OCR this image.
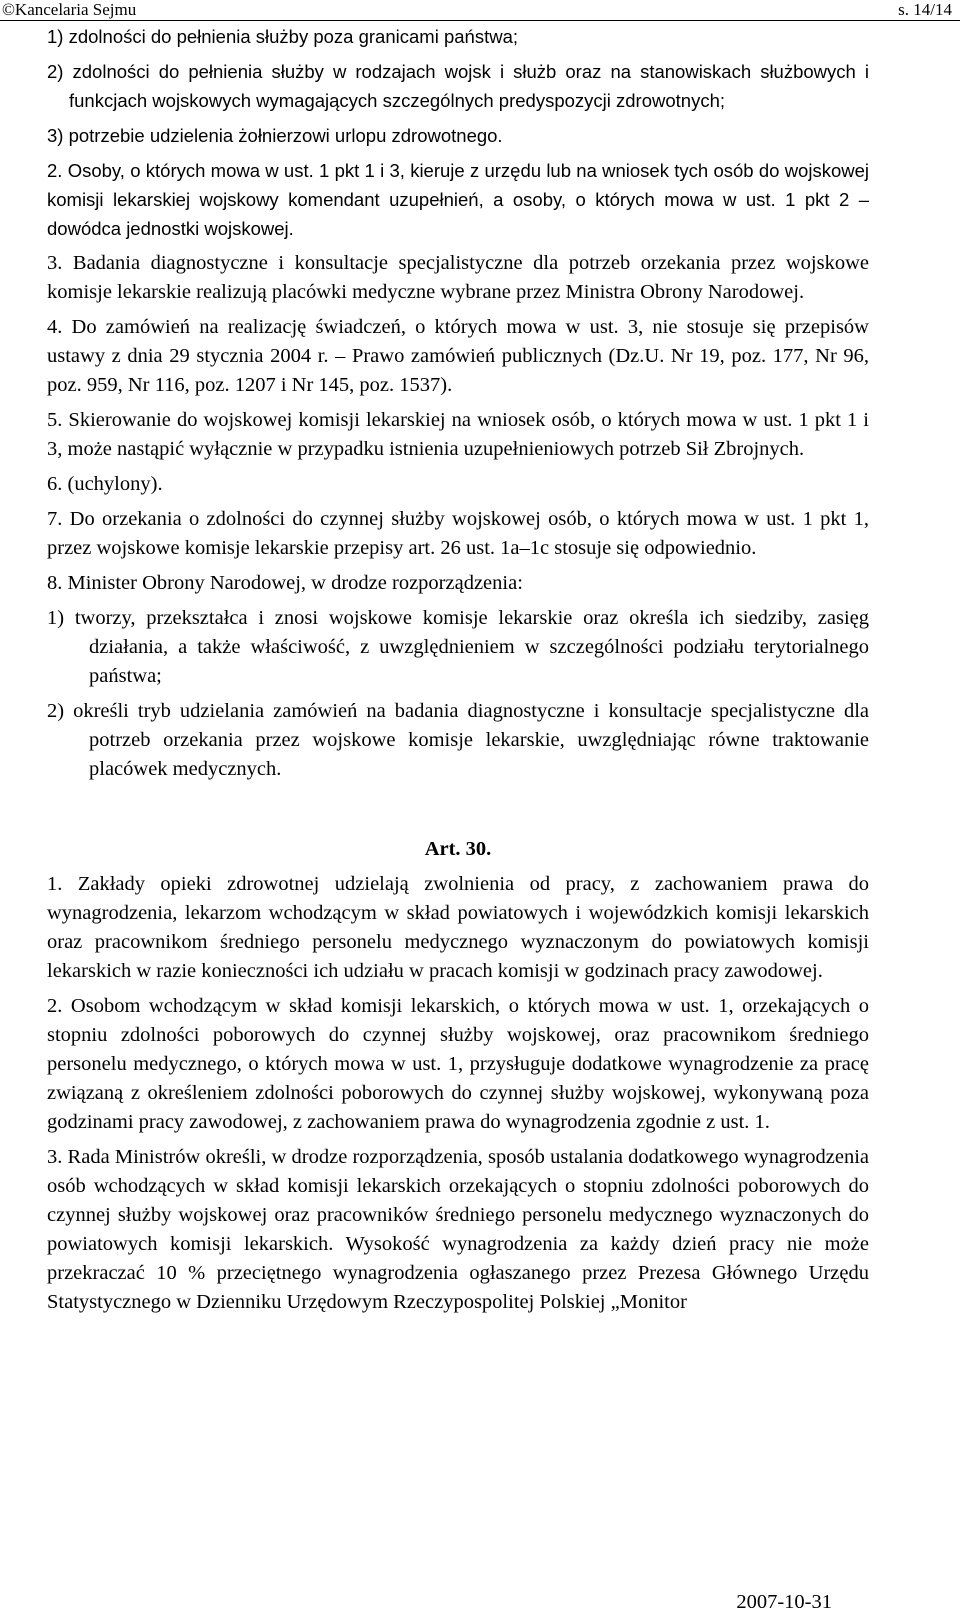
©Kancelaria Sejmu	s. 14/14

1) zdolności do pełnienia służby poza granicami państwa;

2) zdolności do pełnienia służby w rodzajach wojsk i służb oraz na stanowiskach służbowych i funkcjach wojskowych wymagających szczególnych predyspozycji zdrowotnych;

3) potrzebie udzielenia żołnierzowi urlopu zdrowotnego.

2. Osoby, o których mowa w ust. 1 pkt 1 i 3, kieruje z urzędu lub na wniosek tych osób do wojskowej komisji lekarskiej wojskowy komendant uzupełnień, a osoby, o których mowa w ust. 1 pkt 2 – dowódca jednostki wojskowej.

3. Badania diagnostyczne i konsultacje specjalistyczne dla potrzeb orzekania przez wojskowe komisje lekarskie realizują placówki medyczne wybrane przez Ministra Obrony Narodowej.

4. Do zamówień na realizację świadczeń, o których mowa w ust. 3, nie stosuje się przepisów ustawy z dnia 29 stycznia 2004 r. – Prawo zamówień publicznych (Dz.U. Nr 19, poz. 177, Nr 96, poz. 959, Nr 116, poz. 1207 i Nr 145, poz. 1537).

5. Skierowanie do wojskowej komisji lekarskiej na wniosek osób, o których mowa w ust. 1 pkt 1 i 3, może nastąpić wyłącznie w przypadku istnienia uzupełnieniowych potrzeb Sił Zbrojnych.

6. (uchylony).

7. Do orzekania o zdolności do czynnej służby wojskowej osób, o których mowa w ust. 1 pkt 1, przez wojskowe komisje lekarskie przepisy art. 26 ust. 1a–1c stosuje się odpowiednio.

8. Minister Obrony Narodowej, w drodze rozporządzenia:

1) tworzy, przekształca i znosi wojskowe komisje lekarskie oraz określa ich siedziby, zasięg działania, a także właściwość, z uwzględnieniem w szczególności podziału terytorialnego państwa;

2) określi tryb udzielania zamówień na badania diagnostyczne i konsultacje specjalistyczne dla potrzeb orzekania przez wojskowe komisje lekarskie, uwzględniając równe traktowanie placówek medycznych.

Art. 30.

1. Zakłady opieki zdrowotnej udzielają zwolnienia od pracy, z zachowaniem prawa do wynagrodzenia, lekarzom wchodzącym w skład powiatowych i wojewódzkich komisji lekarskich oraz pracownikom średniego personelu medycznego wyznaczonym do powiatowych komisji lekarskich w razie konieczności ich udziału w pracach komisji w godzinach pracy zawodowej.

2. Osobom wchodzącym w skład komisji lekarskich, o których mowa w ust. 1, orzekających o stopniu zdolności poborowych do czynnej służby wojskowej, oraz pracownikom średniego personelu medycznego, o których mowa w ust. 1, przysługuje dodatkowe wynagrodzenie za pracę związaną z określeniem zdolności poborowych do czynnej służby wojskowej, wykonywaną poza godzinami pracy zawodowej, z zachowaniem prawa do wynagrodzenia zgodnie z ust. 1.

3. Rada Ministrów określi, w drodze rozporządzenia, sposób ustalania dodatkowego wynagrodzenia osób wchodzących w skład komisji lekarskich orzekających o stopniu zdolności poborowych do czynnej służby wojskowej oraz pracowników średniego personelu medycznego wyznaczonych do powiatowych komisji lekarskich. Wysokość wynagrodzenia za każdy dzień pracy nie może przekraczać 10 % przeciętnego wynagrodzenia ogłaszanego przez Prezesa Głównego Urzędu Statystycznego w Dzienniku Urzędowym Rzeczypospolitej Polskiej „Monitor

2007-10-31
